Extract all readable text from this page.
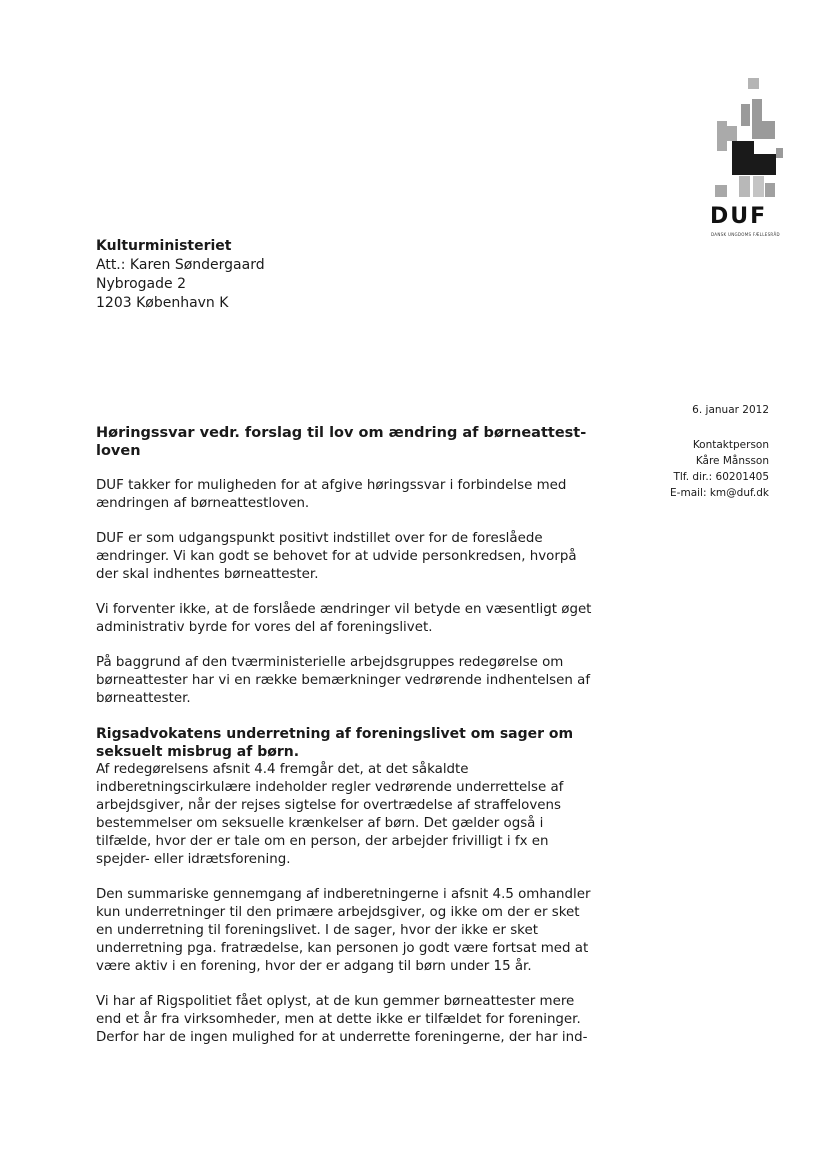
DUF
DANSK UNGDOMS FÆLLESRÅD
Kulturministeriet
Att.: Karen Søndergaard
Nybrogade 2
1203 København K
6. januar 2012
Kontaktperson
Kåre Månsson
Tlf. dir.: 60201405
E-mail: km@duf.dk
Høringssvar vedr. forslag til lov om ændring af børneattest-loven

DUF takker for muligheden for at afgive høringssvar i forbindelse med ændringen af børneattestloven.

DUF er som udgangspunkt positivt indstillet over for de foreslåede ændringer. Vi kan godt se behovet for at udvide personkredsen, hvorpå der skal indhentes børneattester.

Vi forventer ikke, at de forslåede ændringer vil betyde en væsentligt øget administrativ byrde for vores del af foreningslivet.

På baggrund af den tværministerielle arbejdsgruppes redegørelse om børneattester har vi en række bemærkninger vedrørende indhentelsen af børneattester.

Rigsadvokatens underretning af foreningslivet om sager om seksuelt misbrug af børn.

Af redegørelsens afsnit 4.4 fremgår det, at det såkaldte indberetningscirkulære indeholder regler vedrørende underrettelse af arbejdsgiver, når der rejses sigtelse for overtrædelse af straffelovens bestemmelser om seksuelle krænkelser af børn. Det gælder også i tilfælde, hvor der er tale om en person, der arbejder frivilligt i fx en spejder- eller idrætsforening.

Den summariske gennemgang af indberetningerne i afsnit 4.5 omhandler kun underretninger til den primære arbejdsgiver, og ikke om der er sket en underretning til foreningslivet. I de sager, hvor der ikke er sket underretning pga. fratrædelse, kan personen jo godt være fortsat med at være aktiv i en forening, hvor der er adgang til børn under 15 år.

Vi har af Rigspolitiet fået oplyst, at de kun gemmer børneattester mere end et år fra virksomheder, men at dette ikke er tilfældet for foreninger. Derfor har de ingen mulighed for at underrette foreningerne, der har ind-
